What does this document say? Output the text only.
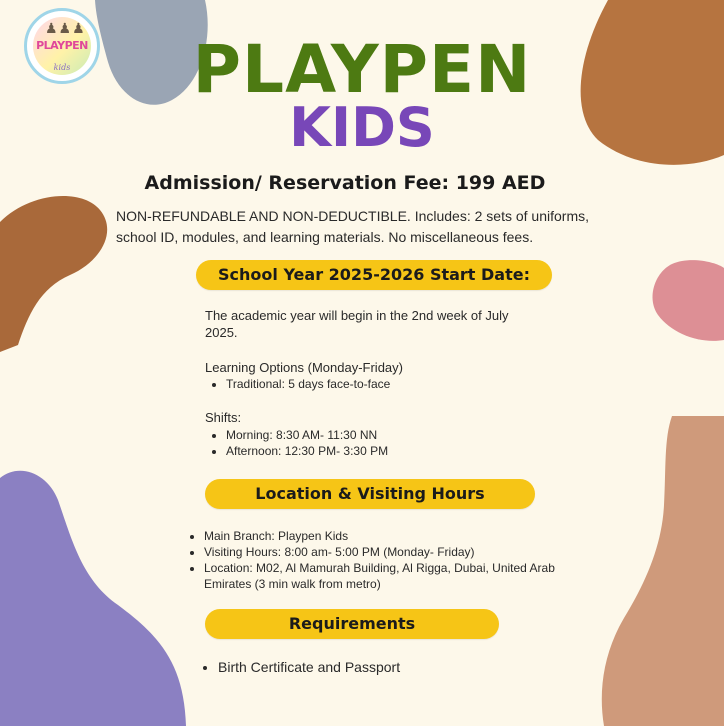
♟♟♟
PLAYPEN
kids	PLAYPEN
KIDS
Admission/ Reservation Fee: 199 AED
NON-REFUNDABLE AND NON-DEDUCTIBLE. Includes: 2 sets of uniforms, school ID, modules, and learning materials. No miscellaneous fees.
School Year 2025-2026 Start Date:
The academic year will begin in the 2nd week of July 2025.
Learning Options (Monday-Friday)
• Traditional: 5 days face-to-face
Shifts:
• Morning: 8:30 AM- 11:30 NN
• Afternoon: 12:30 PM- 3:30 PM
Location & Visiting Hours
• Main Branch: Playpen Kids
• Visiting Hours: 8:00 am- 5:00 PM (Monday- Friday)
• Location: M02, Al Mamurah Building, Al Rigga, Dubai, United Arab Emirates (3 min walk from metro)
Requirements
• Birth Certificate and Passport
